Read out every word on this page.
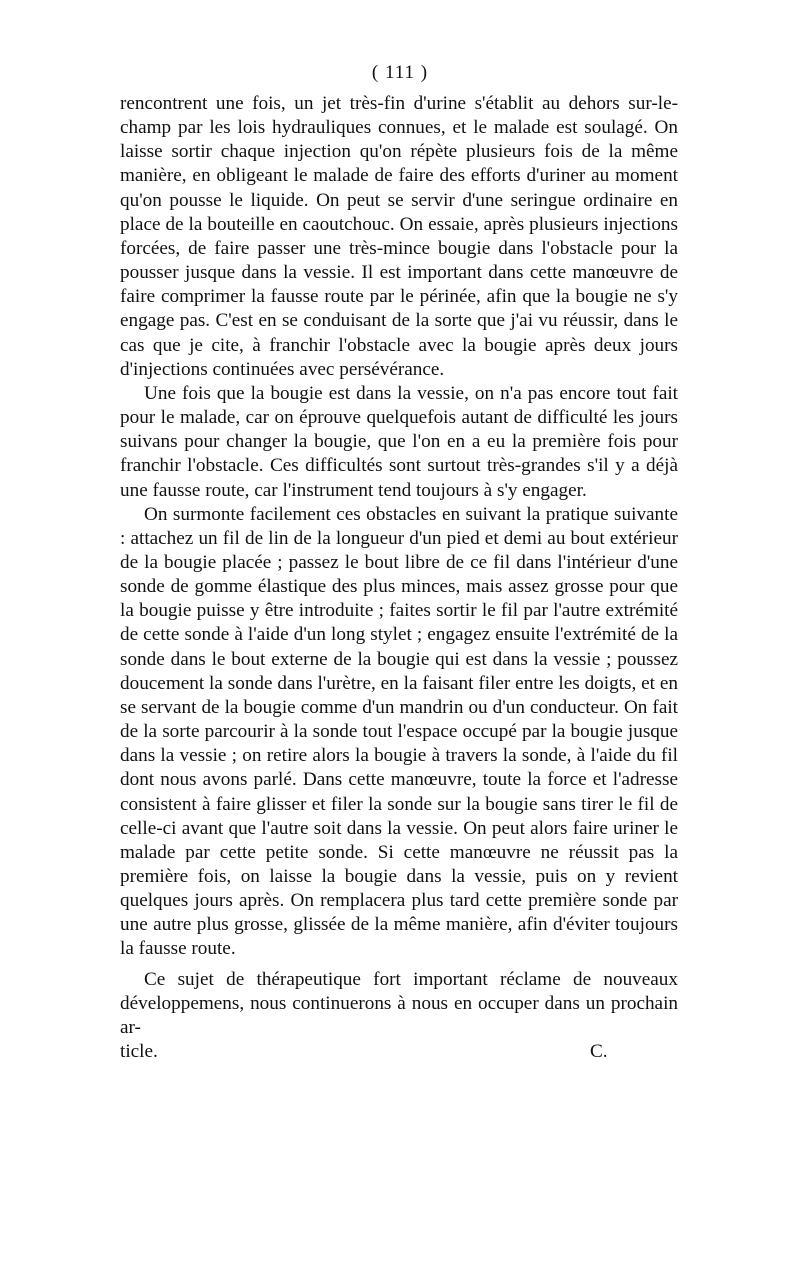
( 111 )

rencontrent une fois, un jet très-fin d'urine s'établit au dehors sur-le-champ par les lois hydrauliques connues, et le malade est soulagé. On laisse sortir chaque injection qu'on répète plusieurs fois de la même manière, en obligeant le malade de faire des efforts d'uriner au moment qu'on pousse le liquide. On peut se servir d'une seringue ordinaire en place de la bouteille en caoutchouc. On essaie, après plusieurs injections forcées, de faire passer une très-mince bougie dans l'obstacle pour la pousser jusque dans la vessie. Il est important dans cette manœuvre de faire comprimer la fausse route par le périnée, afin que la bougie ne s'y engage pas. C'est en se conduisant de la sorte que j'ai vu réussir, dans le cas que je cite, à franchir l'obstacle avec la bougie après deux jours d'injections continuées avec persévérance.

Une fois que la bougie est dans la vessie, on n'a pas encore tout fait pour le malade, car on éprouve quelquefois autant de difficulté les jours suivans pour changer la bougie, que l'on en a eu la première fois pour franchir l'obstacle. Ces difficultés sont surtout très-grandes s'il y a déjà une fausse route, car l'instrument tend toujours à s'y engager.

On surmonte facilement ces obstacles en suivant la pratique suivante : attachez un fil de lin de la longueur d'un pied et demi au bout extérieur de la bougie placée ; passez le bout libre de ce fil dans l'intérieur d'une sonde de gomme élastique des plus minces, mais assez grosse pour que la bougie puisse y être introduite ; faites sortir le fil par l'autre extrémité de cette sonde à l'aide d'un long stylet ; engagez ensuite l'extrémité de la sonde dans le bout externe de la bougie qui est dans la vessie ; poussez doucement la sonde dans l'urètre, en la faisant filer entre les doigts, et en se servant de la bougie comme d'un mandrin ou d'un conducteur. On fait de la sorte parcourir à la sonde tout l'espace occupé par la bougie jusque dans la vessie ; on retire alors la bougie à travers la sonde, à l'aide du fil dont nous avons parlé. Dans cette manœuvre, toute la force et l'adresse consistent à faire glisser et filer la sonde sur la bougie sans tirer le fil de celle-ci avant que l'autre soit dans la vessie. On peut alors faire uriner le malade par cette petite sonde. Si cette manœuvre ne réussit pas la première fois, on laisse la bougie dans la vessie, puis on y revient quelques jours après. On remplacera plus tard cette première sonde par une autre plus grosse, glissée de la même manière, afin d'éviter toujours la fausse route.

Ce sujet de thérapeutique fort important réclame de nouveaux développemens, nous continuerons à nous en occuper dans un prochain ar-

ticle.	C.
